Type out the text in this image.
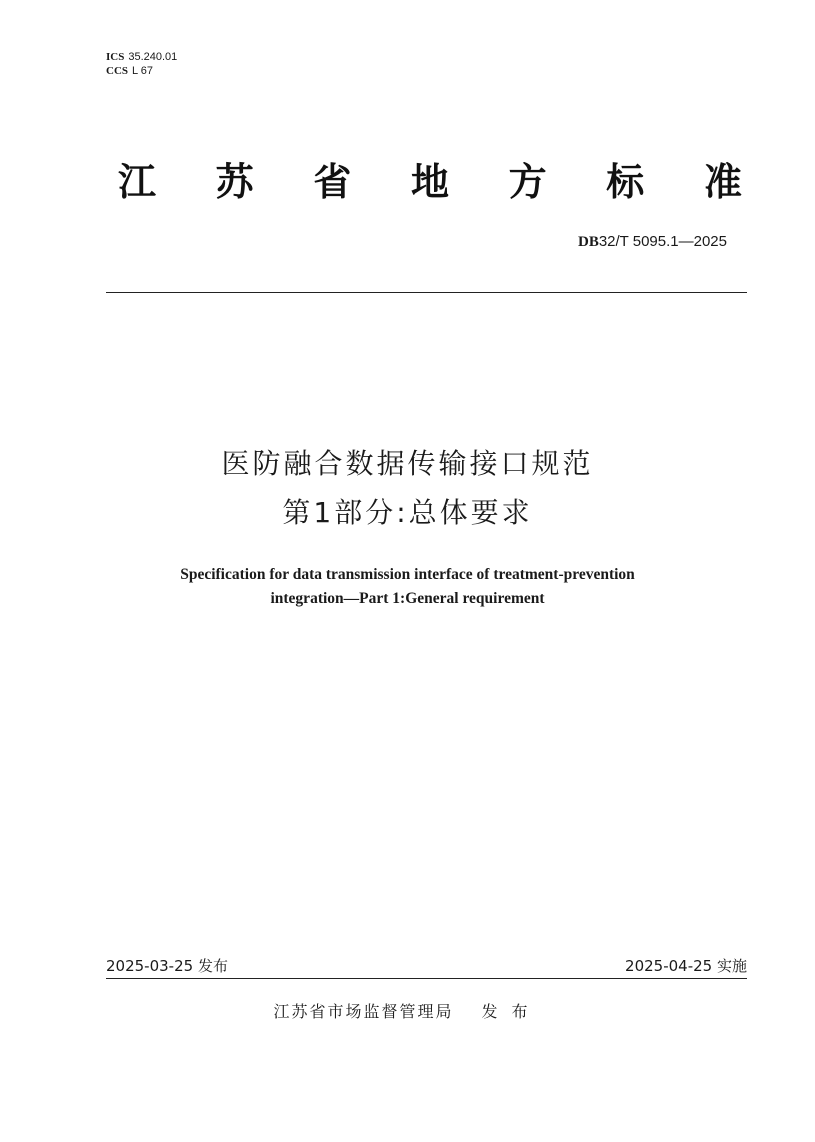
ICS 35.240.01
CCS L 67
江 苏 省 地 方 标 准
DB32/T 5095.1—2025
医防融合数据传输接口规范
第1部分:总体要求
Specification for data transmission interface of treatment-prevention
integration—Part 1:General requirement
2025-03-25 发布	2025-04-25 实施
江苏省市场监督管理局 发布
